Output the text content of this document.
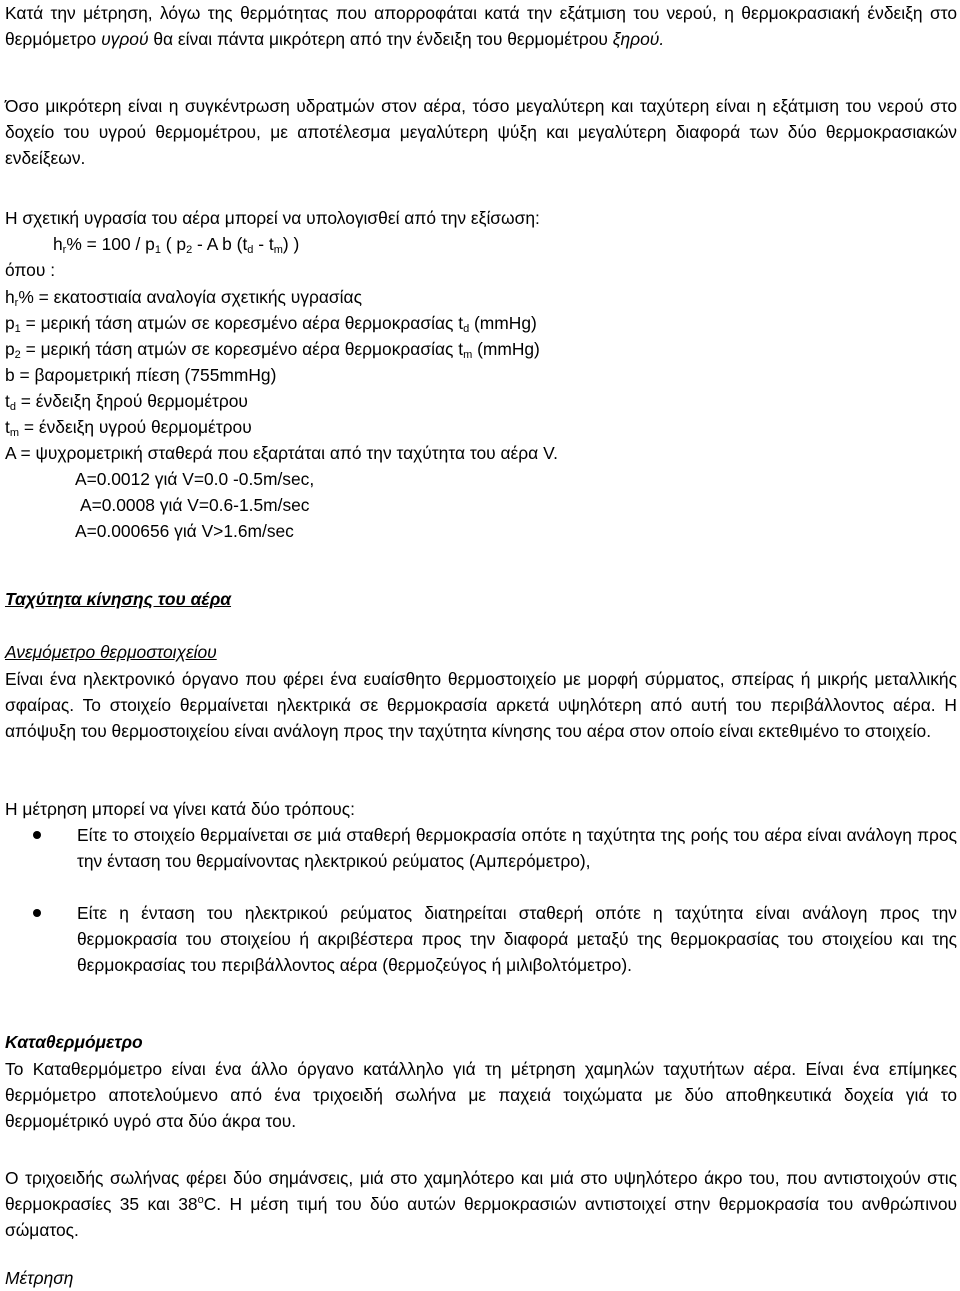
Κατά την μέτρηση, λόγω της θερμότητας που απορροφάται κατά την εξάτμιση του νερού, η θερμοκρασιακή ένδειξη στο θερμόμετρο υγρού θα είναι πάντα μικρότερη από την ένδειξη του θερμομέτρου ξηρού.

Όσο μικρότερη είναι η συγκέντρωση υδρατμών στον αέρα, τόσο μεγαλύτερη και ταχύτερη είναι η εξάτμιση του νερού στο δοχείο του υγρού θερμομέτρου, με αποτέλεσμα μεγαλύτερη ψύξη και μεγαλύτερη διαφορά των δύο θερμοκρασιακών ενδείξεων.

Η σχετική υγρασία του αέρα μπορεί να υπολογισθεί από την εξίσωση:

$h_r\% = 100 / p_1$ ( $p_2$ - A b $(t_d - t_m)$ )

όπου :

$h_r\% = \varepsilon\kappa\alpha\tau o\sigma\tau\iota\alpha ί\alpha$ αναλογία σχετικής υγρασίας

$p_1 = \mu\varepsilon\rho\iota\kappa ή$ τάση ατμών σε κορεσμένο αέρα θερμοκρασίας $t_d$ (mmHg)

$p_2 = \mu\varepsilon\rho\iota\kappa ή$ τάση ατμών σε κορεσμένο αέρα θερμοκρασίας $t_m$ (mmHg)

b = βαρομετρική πίεση (755mmHg)

$t_d = έ\nu\delta\varepsilon\iota\xi\eta$ ξηρού θερμομέτρου

$t_m = έ\nu\delta\varepsilon\iota\xi\eta$ υγρού θερμομέτρου

A = ψυχρομετρική σταθερά που εξαρτάται από την ταχύτητα του αέρα V.

A=0.0012 γιά V=0.0 -0.5m/sec,

A=0.0008 γιά V=0.6-1.5m/sec

A=0.000656 γιά V>1.6m/sec

Ταχύτητα κίνησης του αέρα
Ανεμόμετρο θερμοστοιχείου

Είναι ένα ηλεκτρονικό όργανο που φέρει ένα ευαίσθητο θερμοστοιχείο με μορφή σύρματος, σπείρας ή μικρής μεταλλικής σφαίρας. Το στοιχείο θερμαίνεται ηλεκτρικά σε θερμοκρασία αρκετά υψηλότερη από αυτή του περιβάλλοντος αέρα. Η απόψυξη του θερμοστοιχείου είναι ανάλογη προς την ταχύτητα κίνησης του αέρα στον οποίο είναι εκτεθιμένο το στοιχείο.

Η μέτρηση μπορεί να γίνει κατά δύο τρόπους:

Είτε το στοιχείο θερμαίνεται σε μιά σταθερή θερμοκρασία οπότε η ταχύτητα της ροής του αέρα είναι ανάλογη προς την ένταση του θερμαίνοντας ηλεκτρικού ρεύματος (Αμπερόμετρο),

Είτε η ένταση του ηλεκτρικού ρεύματος διατηρείται σταθερή οπότε η ταχύτητα είναι ανάλογη προς την θερμοκρασία του στοιχείου ή ακριβέστερα προς την διαφορά μεταξύ της θερμοκρασίας του στοιχείου και της θερμοκρασίας του περιβάλλοντος αέρα (θερμοζεύγος ή μιλιβολτόμετρο).

Καταθερμόμετρο

Το Καταθερμόμετρο είναι ένα άλλο όργανο κατάλληλο γιά τη μέτρηση χαμηλών ταχυτήτων αέρα. Είναι ένα επίμηκες θερμόμετρο αποτελούμενο από ένα τριχοειδή σωλήνα με παχειά τοιχώματα με δύο αποθηκευτικά δοχεία γιά το θερμομέτρικό υγρό στα δύο άκρα του.

Ο τριχοειδής σωλήνας φέρει δύο σημάνσεις, μιά στο χαμηλότερο και μιά στο υψηλότερο άκρο του, που αντιστοιχούν στις θερμοκρασίες 35 και $38^oC$. Η μέση τιμή του δύο αυτών θερμοκρασιών αντιστοιχεί στην θερμοκρασία του ανθρώπινου σώματος.

Μέτρηση
